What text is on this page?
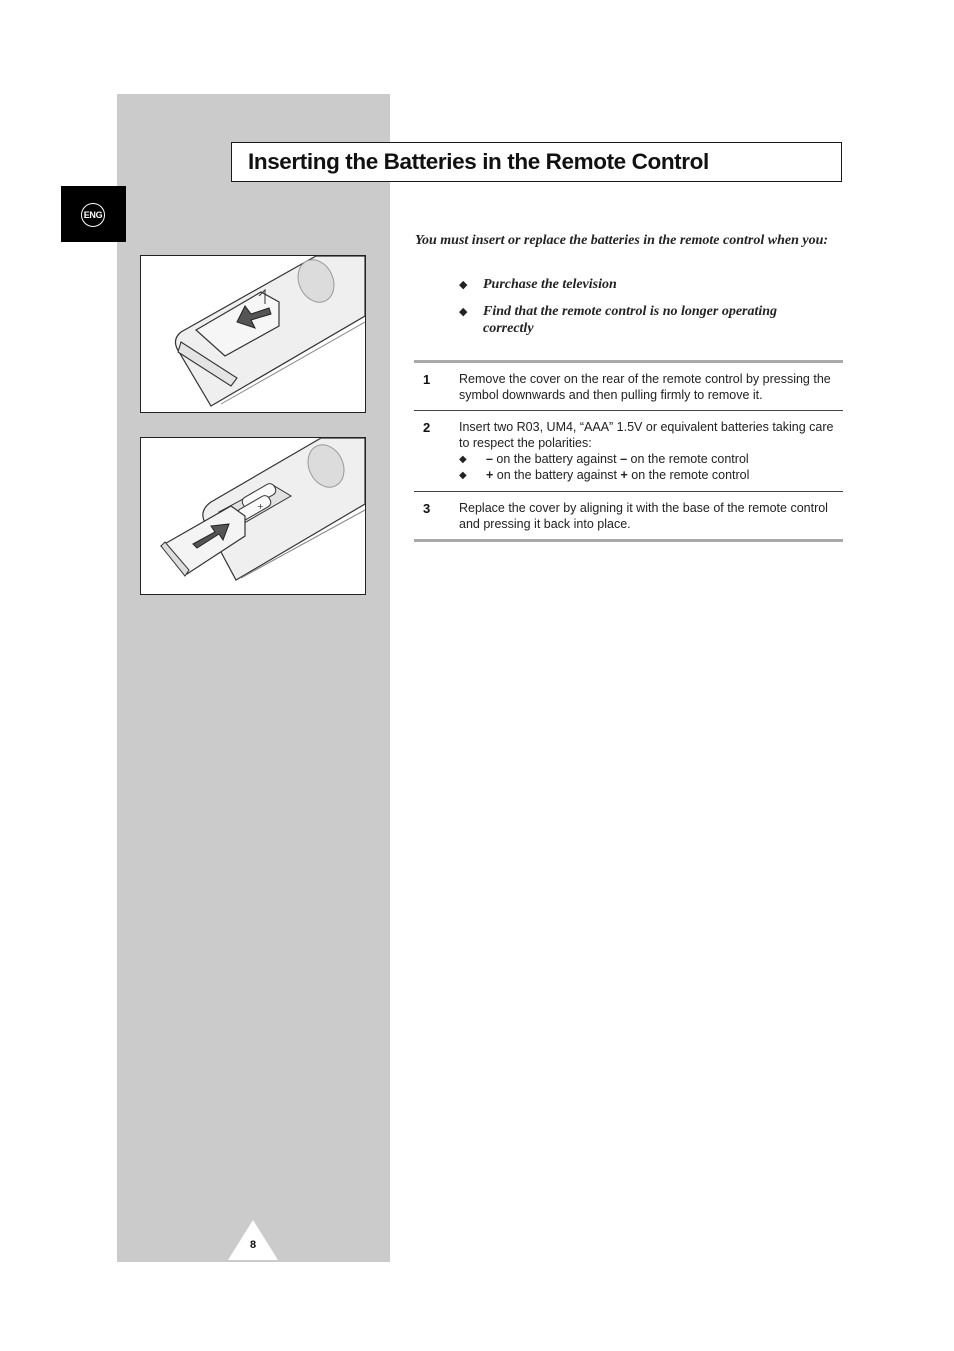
ENG
Inserting the Batteries in the Remote Control
+
You must insert or replace the batteries in the remote control when you:
◆ Purchase the television
◆ Find that the remote control is no longer operating correctly
1 Remove the cover on the rear of the remote control by pressing the symbol downwards and then pulling firmly to remove it.
2 Insert two R03, UM4, “AAA” 1.5V or equivalent batteries taking care to respect the polarities:
◆ – on the battery against – on the remote control
◆ + on the battery against + on the remote control
3 Replace the cover by aligning it with the base of the remote control and pressing it back into place.
8
